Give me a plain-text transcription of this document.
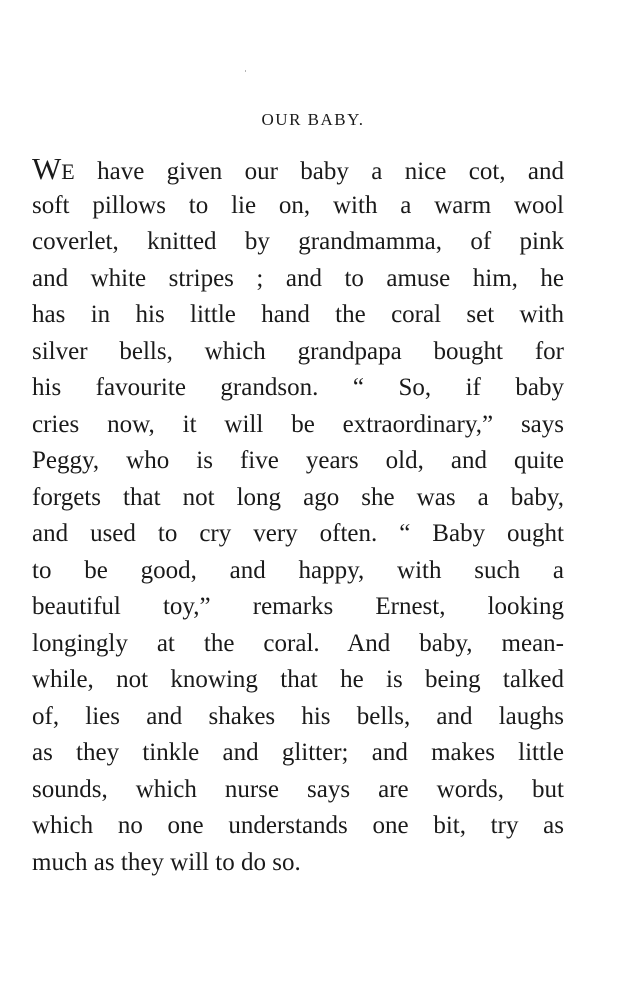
OUR BABY.
WE have given our baby a nice cot, and
soft pillows to lie on, with a warm wool
coverlet, knitted by grandmamma, of pink
and white stripes ; and to amuse him, he
has in his little hand the coral set with
silver bells, which grandpapa bought for
his favourite grandson. “ So, if baby
cries now, it will be extraordinary,” says
Peggy, who is five years old, and quite
forgets that not long ago she was a baby,
and used to cry very often. “ Baby ought
to be good, and happy, with such a
beautiful toy,” remarks Ernest, looking
longingly at the coral. And baby, mean-
while, not knowing that he is being talked
of, lies and shakes his bells, and laughs
as they tinkle and glitter; and makes little
sounds, which nurse says are words, but
which no one understands one bit, try as
much as they will to do so.
